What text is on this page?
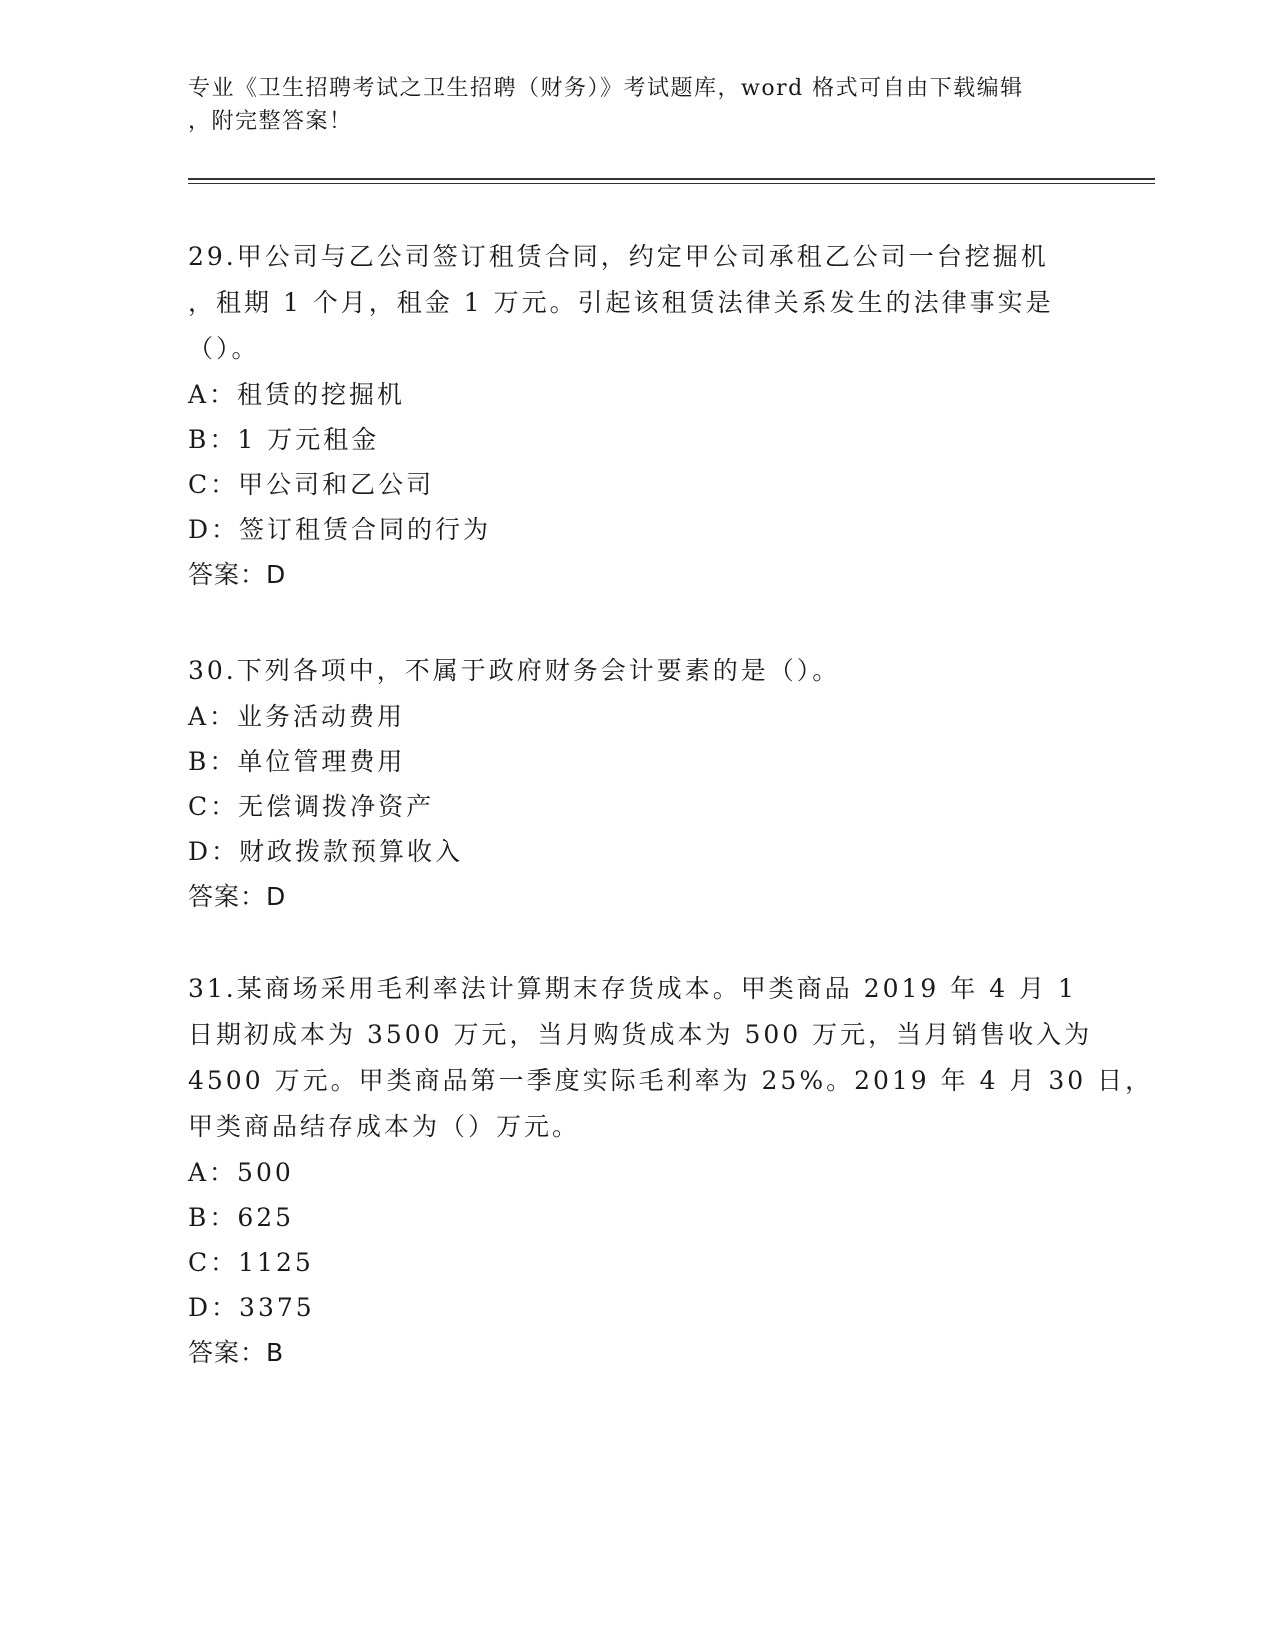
专业《卫生招聘考试之卫生招聘（财务）》考试题库，word 格式可自由下载编辑
，附完整答案！
29.甲公司与乙公司签订租赁合同，约定甲公司承租乙公司一台挖掘机
，租期 1 个月，租金 1 万元。引起该租赁法律关系发生的法律事实是
（）。
A：租赁的挖掘机
B：1 万元租金
C：甲公司和乙公司
D：签订租赁合同的行为
答案：D
30.下列各项中，不属于政府财务会计要素的是（）。
A：业务活动费用
B：单位管理费用
C：无偿调拨净资产
D：财政拨款预算收入
答案：D
31.某商场采用毛利率法计算期末存货成本。甲类商品 2019 年 4 月 1
日期初成本为 3500 万元，当月购货成本为 500 万元，当月销售收入为
4500 万元。甲类商品第一季度实际毛利率为 25%。2019 年 4 月 30 日，
甲类商品结存成本为（）万元。
A：500
B：625
C：1125
D：3375
答案：B
